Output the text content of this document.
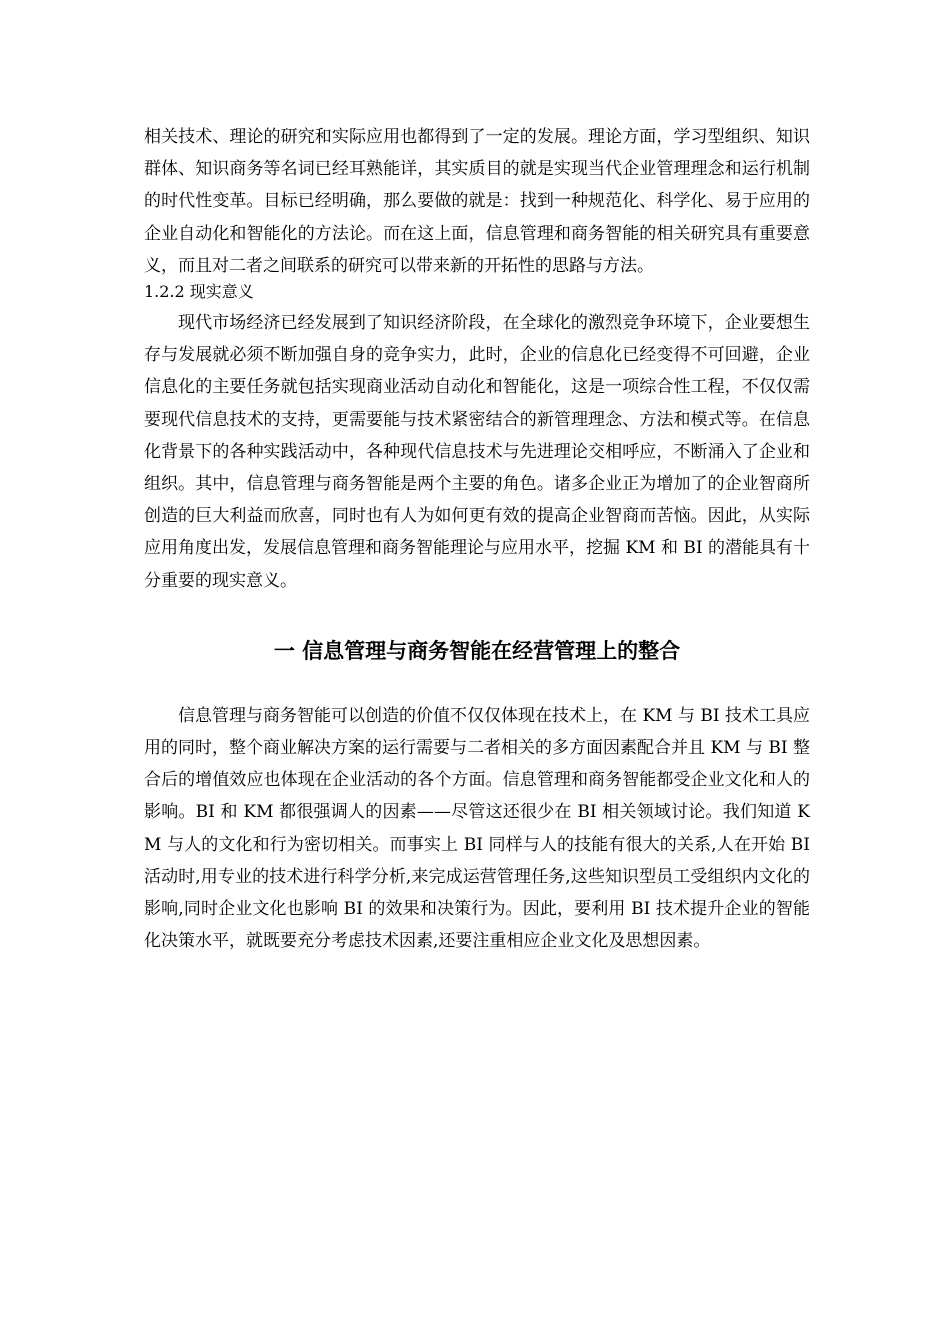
相关技术、理论的研究和实际应用也都得到了一定的发展。理论方面，学习型组织、知识群体、知识商务等名词已经耳熟能详，其实质目的就是实现当代企业管理理念和运行机制的时代性变革。目标已经明确，那么要做的就是：找到一种规范化、科学化、易于应用的企业自动化和智能化的方法论。而在这上面，信息管理和商务智能的相关研究具有重要意义，而且对二者之间联系的研究可以带来新的开拓性的思路与方法。

1.2.2 现实意义

现代市场经济已经发展到了知识经济阶段，在全球化的激烈竞争环境下，企业要想生存与发展就必须不断加强自身的竞争实力，此时，企业的信息化已经变得不可回避，企业信息化的主要任务就包括实现商业活动自动化和智能化，这是一项综合性工程，不仅仅需要现代信息技术的支持，更需要能与技术紧密结合的新管理理念、方法和模式等。在信息化背景下的各种实践活动中，各种现代信息技术与先进理论交相呼应，不断涌入了企业和组织。其中，信息管理与商务智能是两个主要的角色。诸多企业正为增加了的企业智商所创造的巨大利益而欣喜，同时也有人为如何更有效的提高企业智商而苦恼。因此，从实际应用角度出发，发展信息管理和商务智能理论与应用水平，挖掘 KM 和 BI 的潜能具有十分重要的现实意义。

一 信息管理与商务智能在经营管理上的整合

信息管理与商务智能可以创造的价值不仅仅体现在技术上，在 KM 与 BI 技术工具应用的同时，整个商业解决方案的运行需要与二者相关的多方面因素配合并且 KM 与 BI 整合后的增值效应也体现在企业活动的各个方面。信息管理和商务智能都受企业文化和人的影响。BI 和 KM 都很强调人的因素——尽管这还很少在 BI 相关领域讨论。我们知道 KM 与人的文化和行为密切相关。而事实上 BI 同样与人的技能有很大的关系,人在开始 BI 活动时,用专业的技术进行科学分析,来完成运营管理任务,这些知识型员工受组织内文化的影响,同时企业文化也影响 BI 的效果和决策行为。因此，要利用 BI 技术提升企业的智能化决策水平，就既要充分考虑技术因素,还要注重相应企业文化及思想因素。
